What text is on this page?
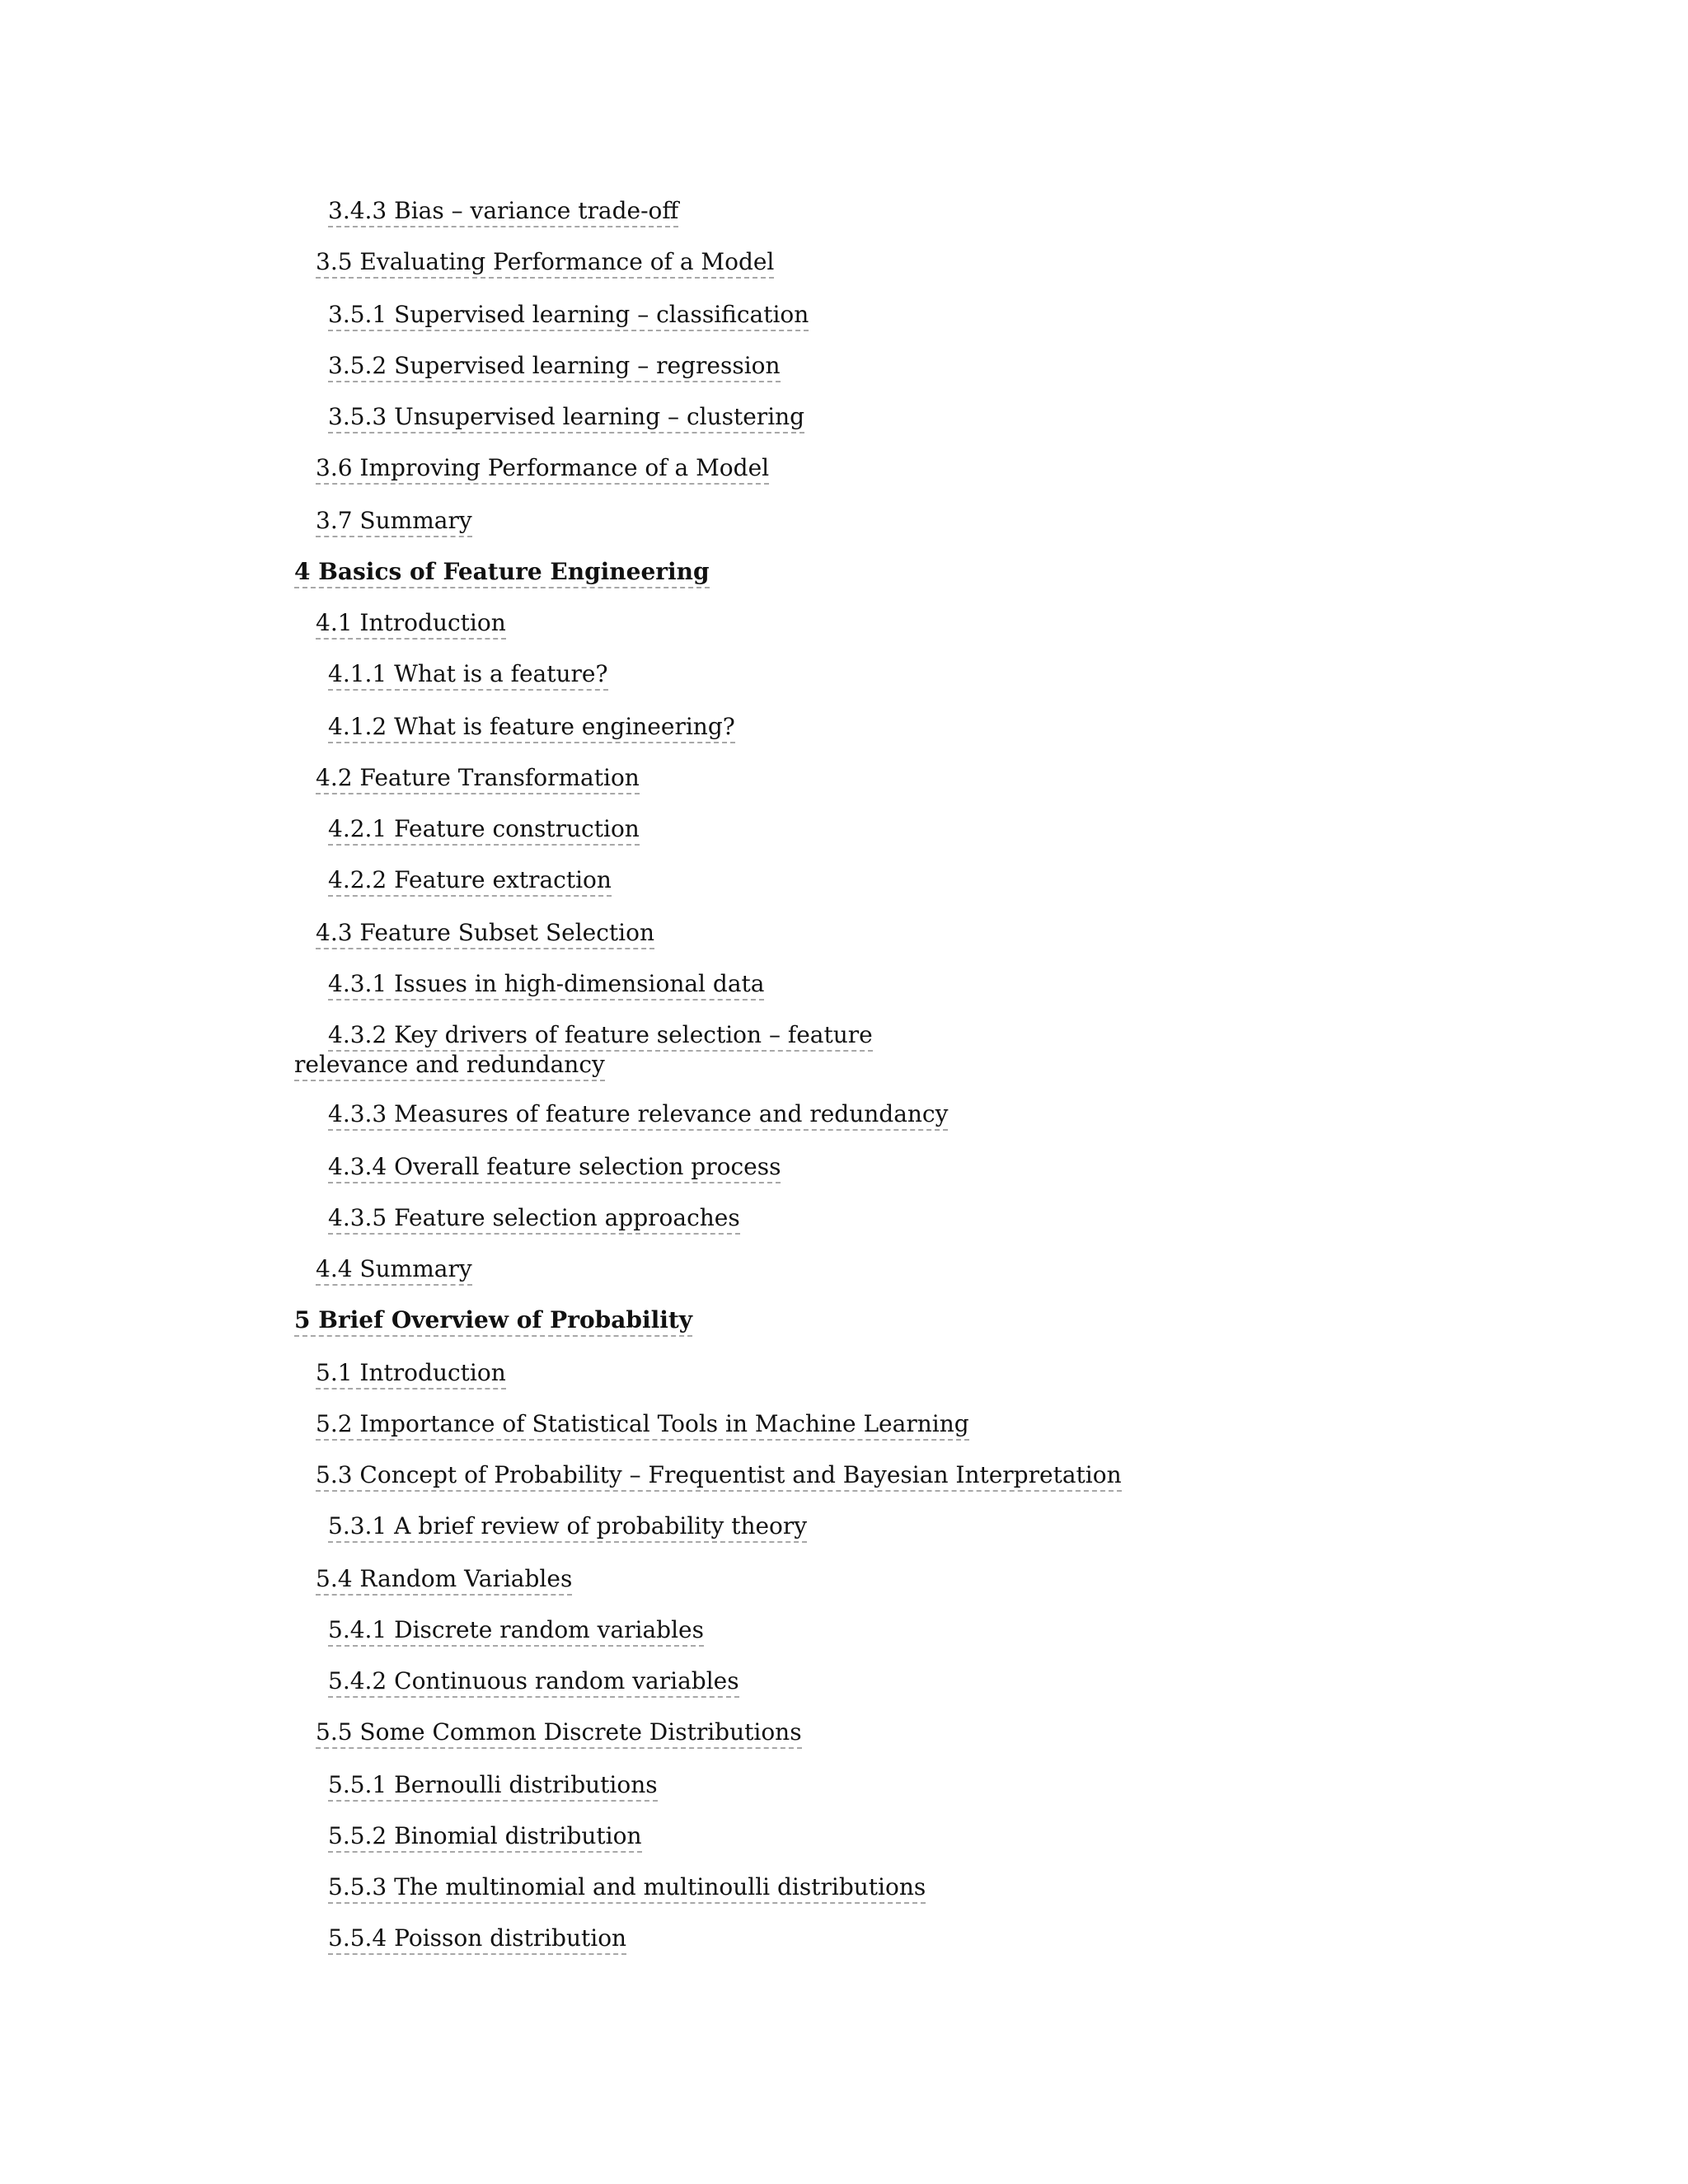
3.4.3 Bias – variance trade-off
3.5 Evaluating Performance of a Model
3.5.1 Supervised learning – classification
3.5.2 Supervised learning – regression
3.5.3 Unsupervised learning – clustering
3.6 Improving Performance of a Model
3.7 Summary
4 Basics of Feature Engineering
4.1 Introduction
4.1.1 What is a feature?
4.1.2 What is feature engineering?
4.2 Feature Transformation
4.2.1 Feature construction
4.2.2 Feature extraction
4.3 Feature Subset Selection
4.3.1 Issues in high-dimensional data
4.3.2 Key drivers of feature selection – feature relevance and redundancy
4.3.3 Measures of feature relevance and redundancy
4.3.4 Overall feature selection process
4.3.5 Feature selection approaches
4.4 Summary
5 Brief Overview of Probability
5.1 Introduction
5.2 Importance of Statistical Tools in Machine Learning
5.3 Concept of Probability – Frequentist and Bayesian Interpretation
5.3.1 A brief review of probability theory
5.4 Random Variables
5.4.1 Discrete random variables
5.4.2 Continuous random variables
5.5 Some Common Discrete Distributions
5.5.1 Bernoulli distributions
5.5.2 Binomial distribution
5.5.3 The multinomial and multinoulli distributions
5.5.4 Poisson distribution
